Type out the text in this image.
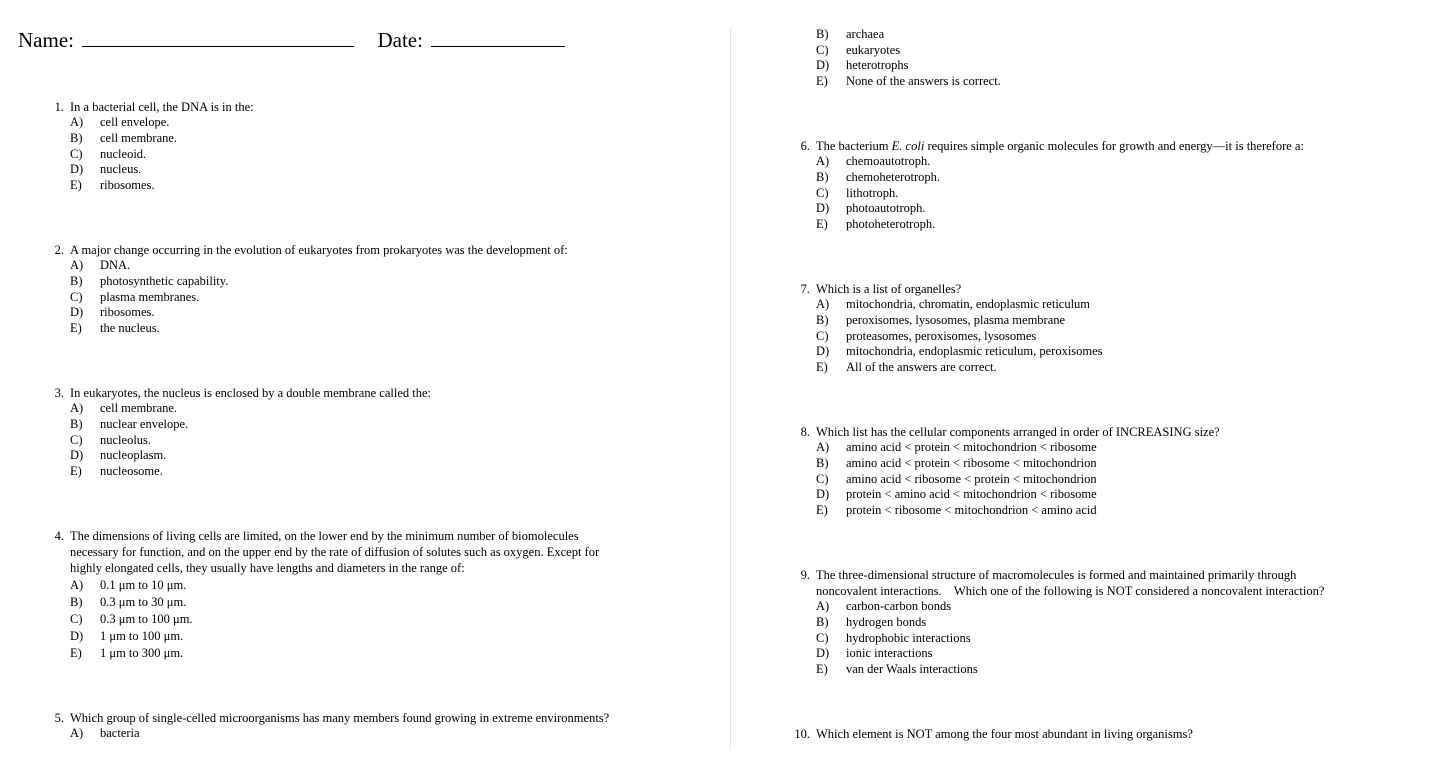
Name:	Date:
1. In a bacterial cell, the DNA is in the:
A) cell envelope.
B) cell membrane.
C) nucleoid.
D) nucleus.
E) ribosomes.
2. A major change occurring in the evolution of eukaryotes from prokaryotes was the development of:
A) DNA.
B) photosynthetic capability.
C) plasma membranes.
D) ribosomes.
E) the nucleus.
3. In eukaryotes, the nucleus is enclosed by a double membrane called the:
A) cell membrane.
B) nuclear envelope.
C) nucleolus.
D) nucleoplasm.
E) nucleosome.
4. The dimensions of living cells are limited, on the lower end by the minimum number of biomolecules
necessary for function, and on the upper end by the rate of diffusion of solutes such as oxygen. Except for
highly elongated cells, they usually have lengths and diameters in the range of:
A) 0.1 μm to 10 μm.
B) 0.3 μm to 30 μm.
C) 0.3 μm to 100 μm.
D) 1 μm to 100 μm.
E) 1 μm to 300 μm.
5. Which group of single-celled microorganisms has many members found growing in extreme environments?
A) bacteria
B) archaea
C) eukaryotes
D) heterotrophs
E) None of the answers is correct.
6. The bacterium E. coli requires simple organic molecules for growth and energy—it is therefore a:
A) chemoautotroph.
B) chemoheterotroph.
C) lithotroph.
D) photoautotroph.
E) photoheterotroph.
7. Which is a list of organelles?
A) mitochondria, chromatin, endoplasmic reticulum
B) peroxisomes, lysosomes, plasma membrane
C) proteasomes, peroxisomes, lysosomes
D) mitochondria, endoplasmic reticulum, peroxisomes
E) All of the answers are correct.
8. Which list has the cellular components arranged in order of INCREASING size?
A) amino acid < protein < mitochondrion < ribosome
B) amino acid < protein < ribosome < mitochondrion
C) amino acid < ribosome < protein < mitochondrion
D) protein < amino acid < mitochondrion < ribosome
E) protein < ribosome < mitochondrion < amino acid
9. The three-dimensional structure of macromolecules is formed and maintained primarily through
noncovalent interactions.    Which one of the following is NOT considered a noncovalent interaction?
A) carbon-carbon bonds
B) hydrogen bonds
C) hydrophobic interactions
D) ionic interactions
E) van der Waals interactions
10. Which element is NOT among the four most abundant in living organisms?
